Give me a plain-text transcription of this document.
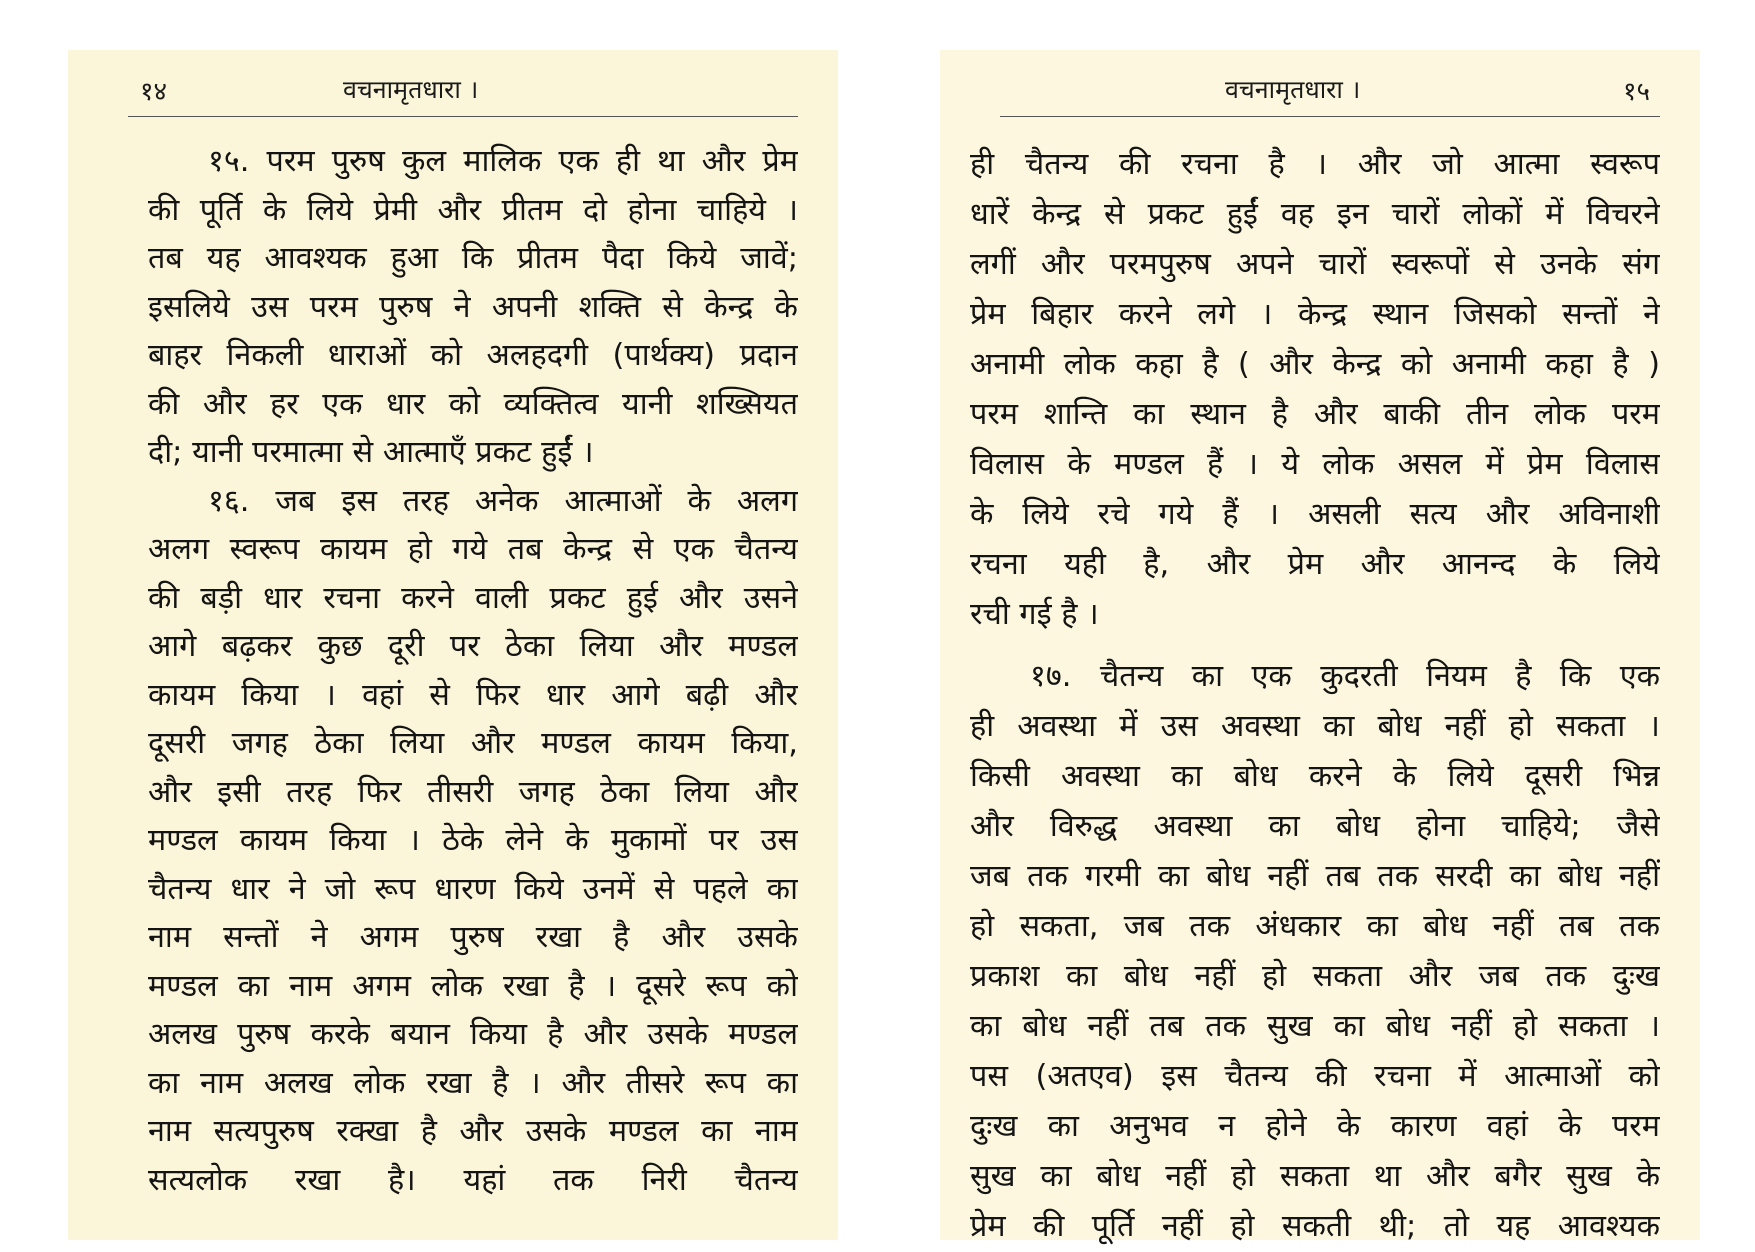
१४	वचनामृतधारा ।
१५. परम पुरुष कुल मालिक एक ही था और प्रेम
की पूर्ति के लिये प्रेमी और प्रीतम दो होना चाहिये ।
तब यह आवश्यक हुआ कि प्रीतम पैदा किये जावें;
इसलिये उस परम पुरुष ने अपनी शक्ति से केन्द्र के
बाहर निकली धाराओं को अलहदगी (पार्थक्य) प्रदान
की और हर एक धार को व्यक्तित्व यानी शख्सियत
दी; यानी परमात्मा से आत्माएँ प्रकट हुईं ।
१६. जब इस तरह अनेक आत्माओं के अलग
अलग स्वरूप कायम हो गये तब केन्द्र से एक चैतन्य
की बड़ी धार रचना करने वाली प्रकट हुई और उसने
आगे बढ़कर कुछ दूरी पर ठेका लिया और मण्डल
कायम किया । वहां से फिर धार आगे बढ़ी और
दूसरी जगह ठेका लिया और मण्डल कायम किया,
और इसी तरह फिर तीसरी जगह ठेका लिया और
मण्डल कायम किया । ठेके लेने के मुकामों पर उस
चैतन्य धार ने जो रूप धारण किये उनमें से पहले का
नाम सन्तों ने अगम पुरुष रखा है और उसके
मण्डल का नाम अगम लोक रखा है । दूसरे रूप को
अलख पुरुष करके बयान किया है और उसके मण्डल
का नाम अलख लोक रखा है । और तीसरे रूप का
नाम सत्यपुरुष रक्खा है और उसके मण्डल का नाम
सत्यलोक रखा है। यहां तक निरी चैतन्य
वचनामृतधारा ।	१५
ही चैतन्य की रचना है । और जो आत्मा स्वरूप
धारें केन्द्र से प्रकट हुईं वह इन चारों लोकों में विचरने
लगीं और परमपुरुष अपने चारों स्वरूपों से उनके संग
प्रेम बिहार करने लगे । केन्द्र स्थान जिसको सन्तों ने
अनामी लोक कहा है ( और केन्द्र को अनामी कहा है )
परम शान्ति का स्थान है और बाकी तीन लोक परम
विलास के मण्डल हैं । ये लोक असल में प्रेम विलास
के लिये रचे गये हैं । असली सत्य और अविनाशी
रचना यही है, और प्रेम और आनन्द के लिये
रची गई है ।
१७. चैतन्य का एक कुदरती नियम है कि एक
ही अवस्था में उस अवस्था का बोध नहीं हो सकता ।
किसी अवस्था का बोध करने के लिये दूसरी भिन्न
और विरुद्ध अवस्था का बोध होना चाहिये; जैसे
जब तक गरमी का बोध नहीं तब तक सरदी का बोध नहीं
हो सकता, जब तक अंधकार का बोध नहीं तब तक
प्रकाश का बोध नहीं हो सकता और जब तक दुःख
का बोध नहीं तब तक सुख का बोध नहीं हो सकता ।
पस (अतएव) इस चैतन्य की रचना में आत्माओं को
दुःख का अनुभव न होने के कारण वहां के परम
सुख का बोध नहीं हो सकता था और बगैर सुख के
प्रेम की पूर्ति नहीं हो सकती थी; तो यह आवश्यक
